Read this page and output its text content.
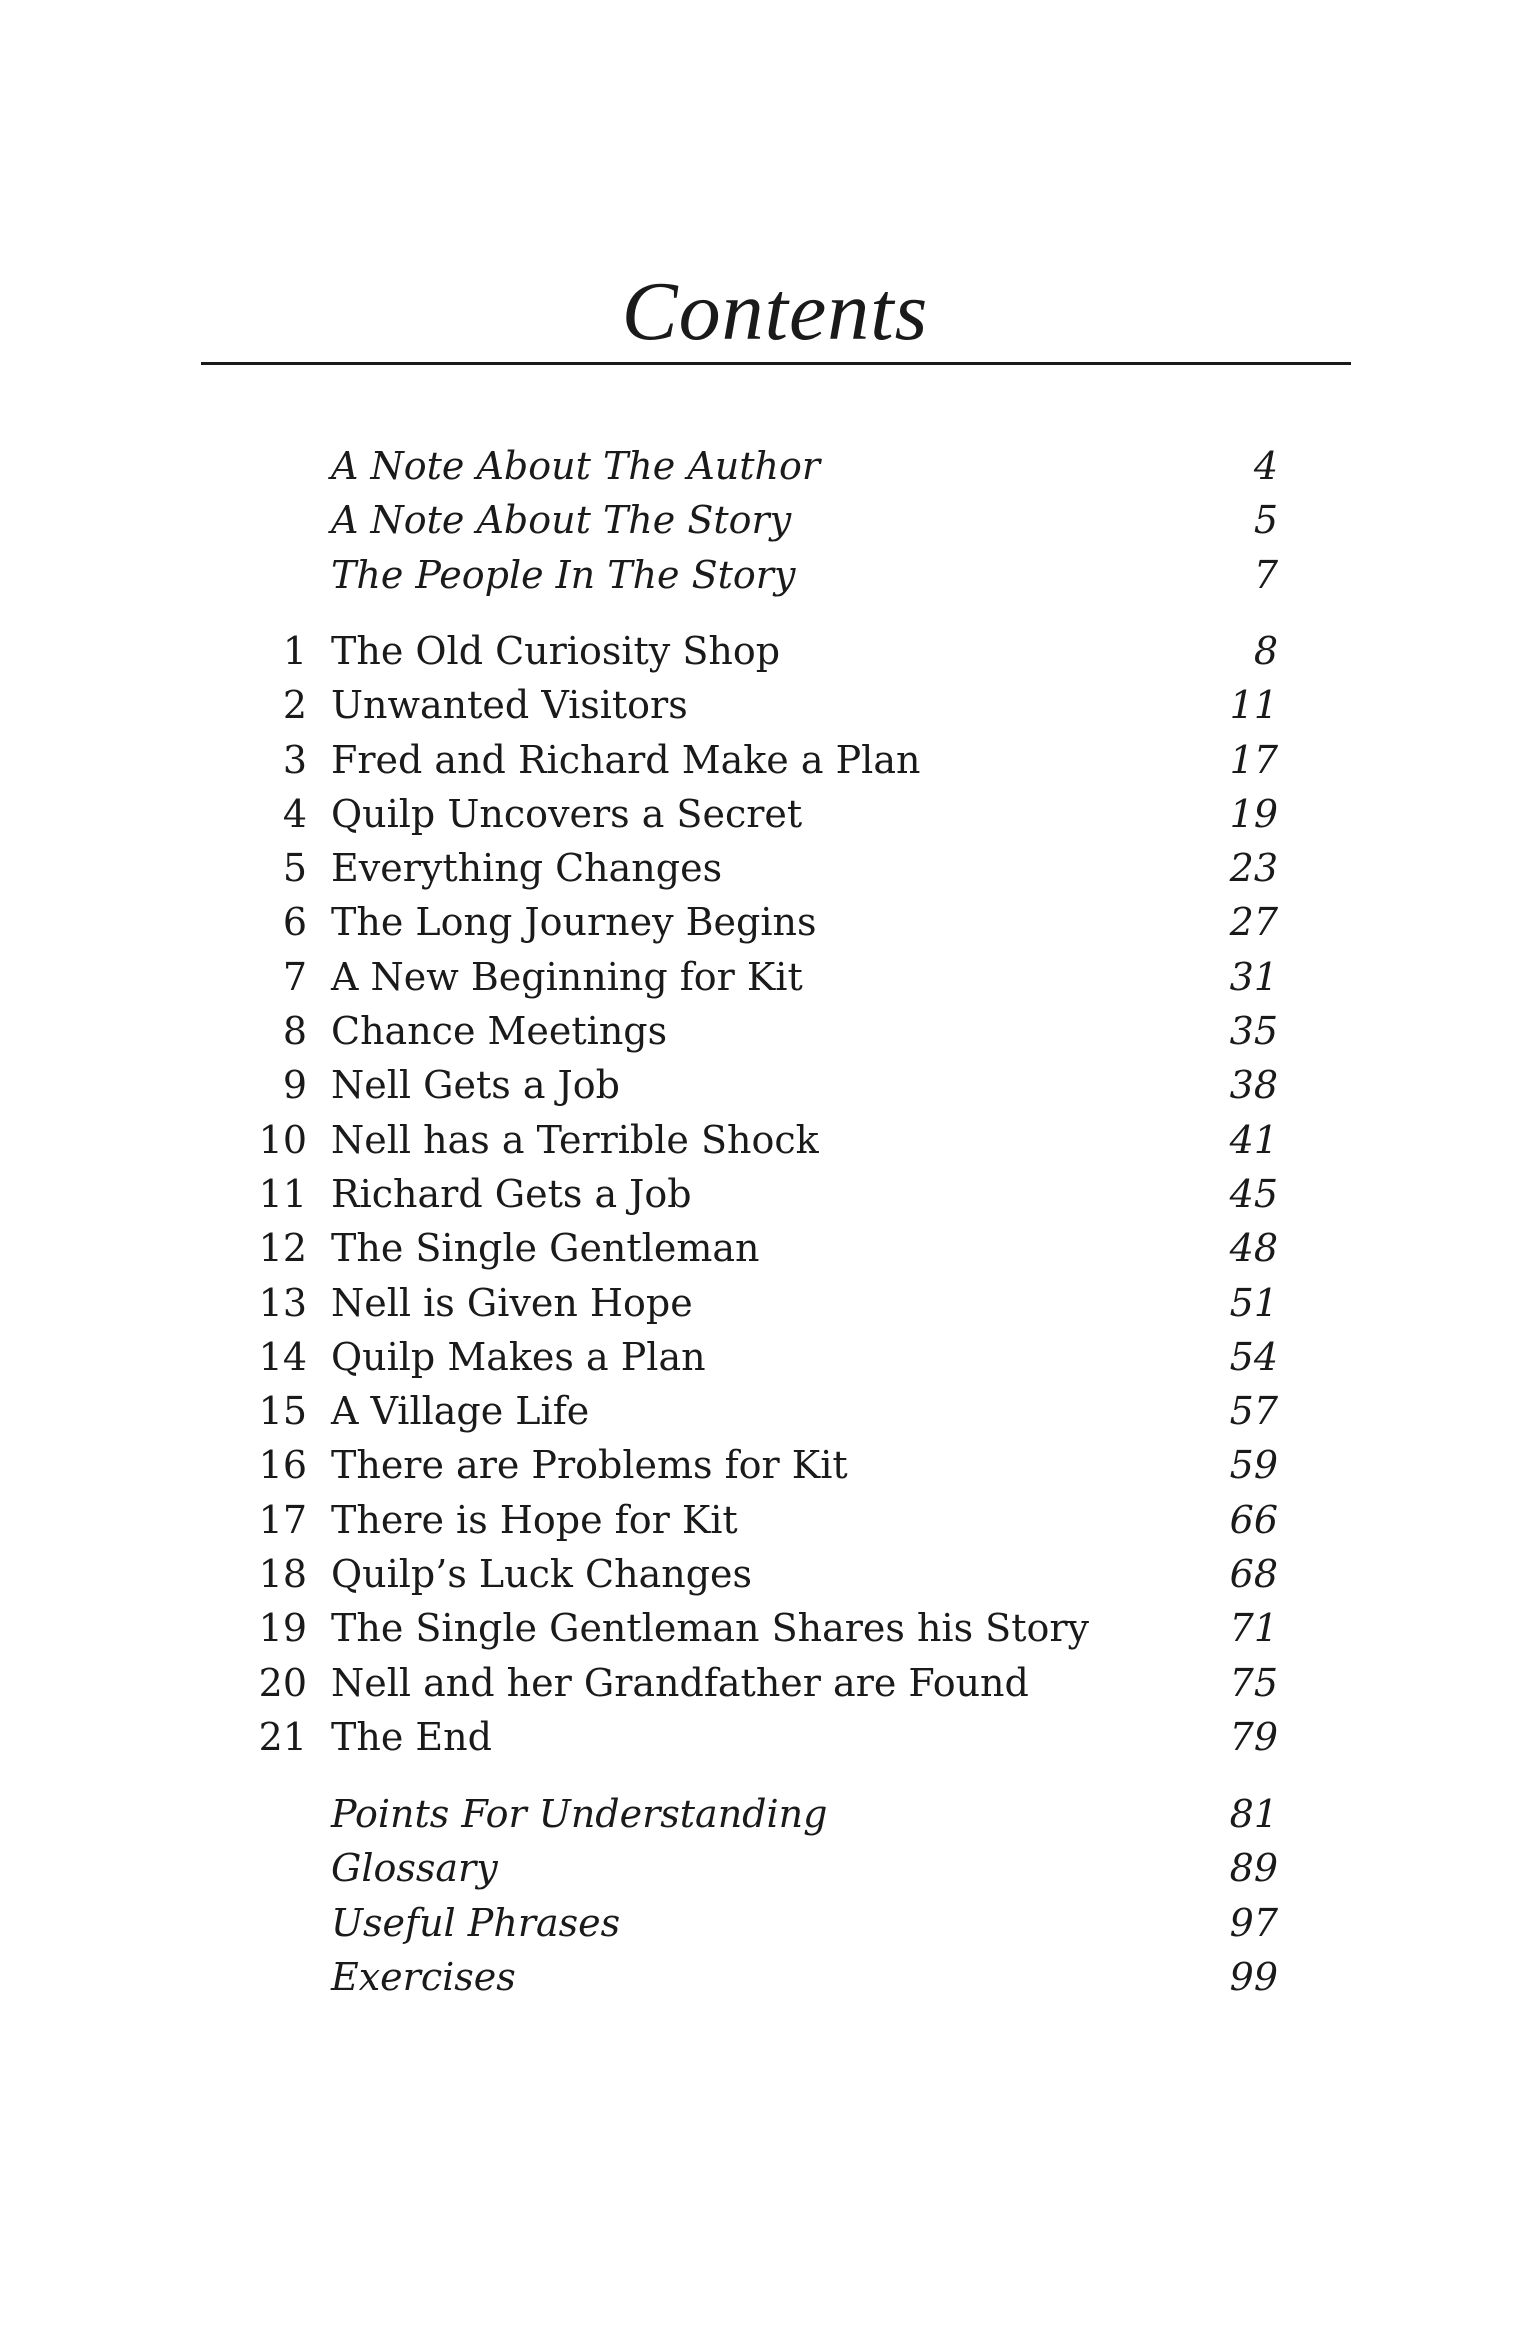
Contents
A Note About The Author	4
A Note About The Story	5
The People In The Story	7
1 The Old Curiosity Shop	8
2 Unwanted Visitors	11
3 Fred and Richard Make a Plan	17
4 Quilp Uncovers a Secret	19
5 Everything Changes	23
6 The Long Journey Begins	27
7 A New Beginning for Kit	31
8 Chance Meetings	35
9 Nell Gets a Job	38
10 Nell has a Terrible Shock	41
11 Richard Gets a Job	45
12 The Single Gentleman	48
13 Nell is Given Hope	51
14 Quilp Makes a Plan	54
15 A Village Life	57
16 There are Problems for Kit	59
17 There is Hope for Kit	66
18 Quilp’s Luck Changes	68
19 The Single Gentleman Shares his Story	71
20 Nell and her Grandfather are Found	75
21 The End	79
Points For Understanding	81
Glossary	89
Useful Phrases	97
Exercises	99
